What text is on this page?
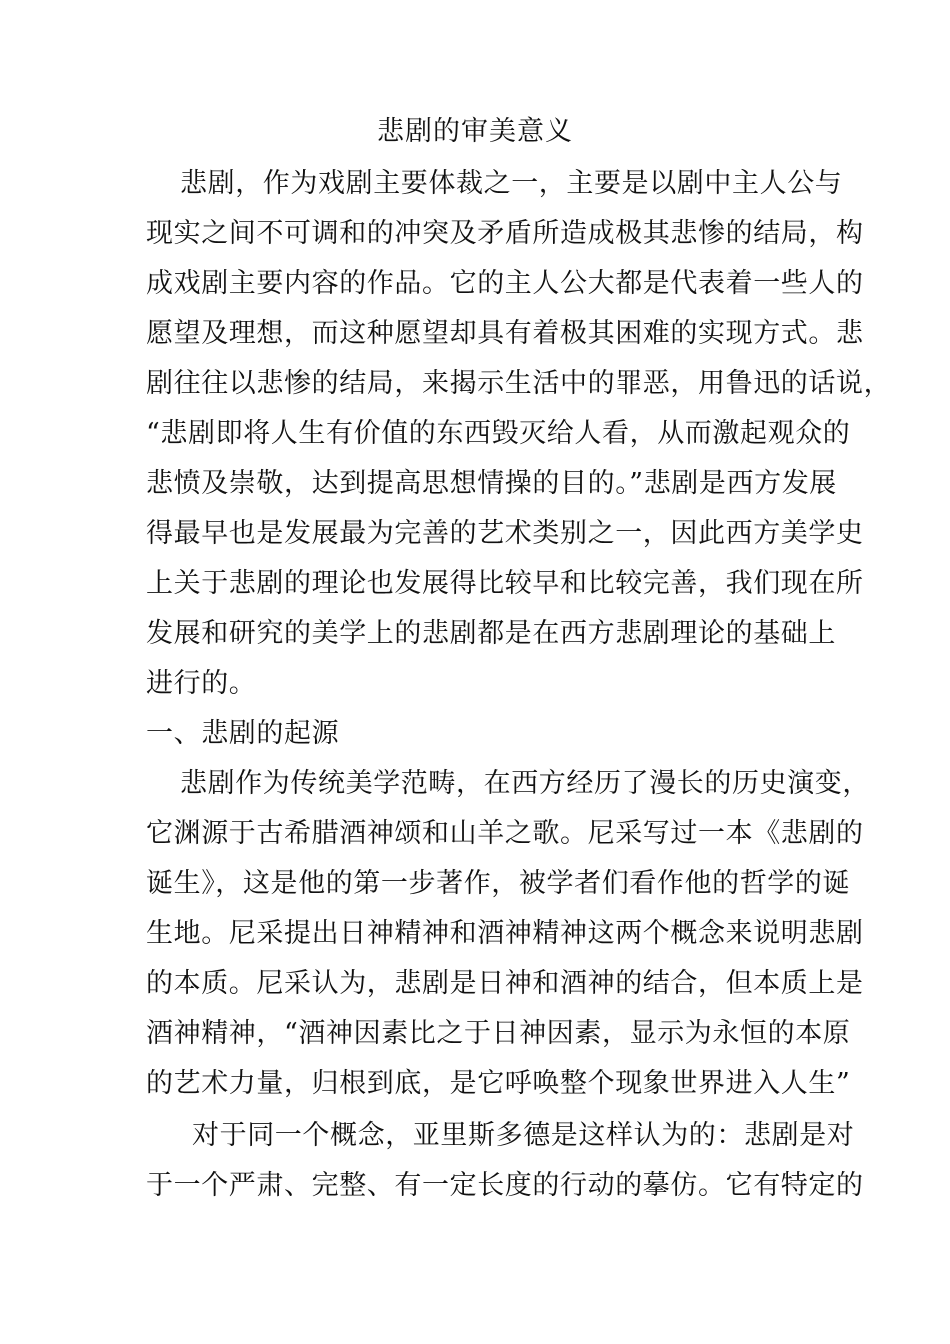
悲剧的审美意义
悲剧，作为戏剧主要体裁之一，主要是以剧中主人公与
现实之间不可调和的冲突及矛盾所造成极其悲惨的结局，构
成戏剧主要内容的作品。它的主人公大都是代表着一些人的
愿望及理想，而这种愿望却具有着极其困难的实现方式。悲
剧往往以悲惨的结局，来揭示生活中的罪恶，用鲁迅的话说，
“悲剧即将人生有价值的东西毁灭给人看，从而激起观众的
悲愤及崇敬，达到提高思想情操的目的。”悲剧是西方发展
得最早也是发展最为完善的艺术类别之一，因此西方美学史
上关于悲剧的理论也发展得比较早和比较完善，我们现在所
发展和研究的美学上的悲剧都是在西方悲剧理论的基础上
进行的。
一、悲剧的起源
悲剧作为传统美学范畴，在西方经历了漫长的历史演变，
它渊源于古希腊酒神颂和山羊之歌。尼采写过一本《悲剧的
诞生》，这是他的第一步著作，被学者们看作他的哲学的诞
生地。尼采提出日神精神和酒神精神这两个概念来说明悲剧
的本质。尼采认为，悲剧是日神和酒神的结合，但本质上是
酒神精神，“酒神因素比之于日神因素，显示为永恒的本原
的艺术力量，归根到底，是它呼唤整个现象世界进入人生”
对于同一个概念，亚里斯多德是这样认为的：悲剧是对
于一个严肃、完整、有一定长度的行动的摹仿。它有特定的
